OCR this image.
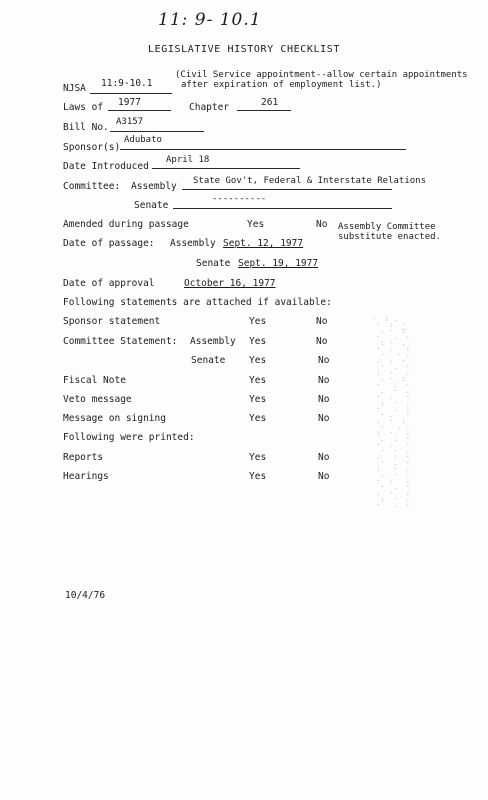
11: 9- 10.1
LEGISLATIVE HISTORY CHECKLIST
NJSA 11:9-10.1
(Civil Service appointment--allow certain appointments
after expiration of employment list.)
Laws of 1977	Chapter	261
Bill No. A3157
Sponsor(s)
Adubato
Date Introduced
April 18
Committee: Assembly State Gov't, Federal & Interstate Relations
----------
Senate
Amended during passage	Yes	No Assembly Committee
substitute enacted.
Date of passage: Assembly Sept. 12, 1977
Senate Sept. 19, 1977
Date of approval	October 16, 1977
Following statements are attached if available:
Sponsor statement	Yes	No
Committee Statement: Assembly Yes	No
Senate Yes	No
Fiscal Note	Yes	No
Veto message	Yes	No
Message on signing	Yes	No
Following were printed:
Reports	Yes	No
Hearings	Yes	No
·  ∴ .
·  :  ·
. ·  ∵
·   .  ·
: ·  .
·  .   :
·   · .
.  :  ·
·  .  ·
:  ·   .
. ·  ∴
·   :  ·
.  ·  .
·  .   ·
:  ·  .
·   .  :
· .   ·
.  ·  :
·   . ·
:  ·   .
.  :  ·
·  .   ·
·  ·  .
.   :  ·
·  .  ·
:   ·  .
.  ·  ·
·  :   .
·  .  ·
.  ·   :
:  ·  .
·   .  ·
10/4/76
